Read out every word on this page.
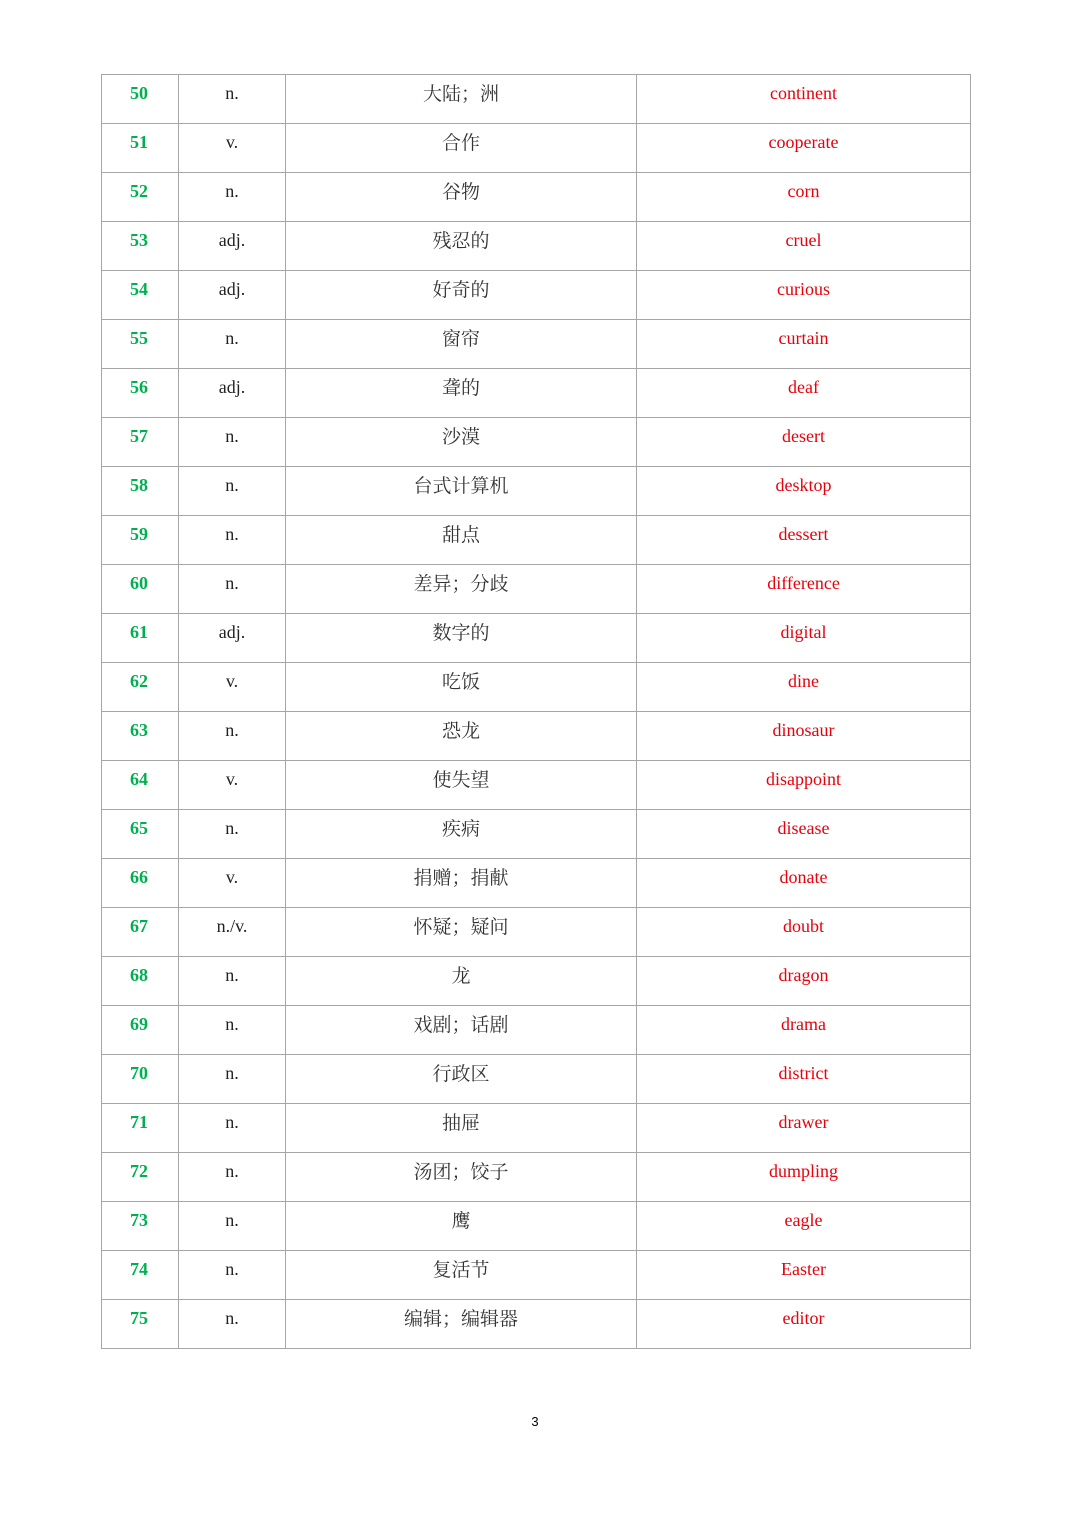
50	n.	大陆；洲	continent

51	v.	合作	cooperate

52	n.	谷物	corn

53	adj.	残忍的	cruel

54	adj.	好奇的	curious

55	n.	窗帘	curtain

56	adj.	聋的	deaf

57	n.	沙漠	desert

58	n.	台式计算机	desktop

59	n.	甜点	dessert

60	n.	差异；分歧	difference

61	adj.	数字的	digital

62	v.	吃饭	dine

63	n.	恐龙	dinosaur

64	v.	使失望	disappoint

65	n.	疾病	disease

66	v.	捐赠；捐献	donate

67	n./v.	怀疑；疑问	doubt

68	n.	龙	dragon

69	n.	戏剧；话剧	drama

70	n.	行政区	district

71	n.	抽屉	drawer

72	n.	汤团；饺子	dumpling

73	n.	鹰	eagle

74	n.	复活节	Easter

75	n.	编辑；编辑器	editor
3
